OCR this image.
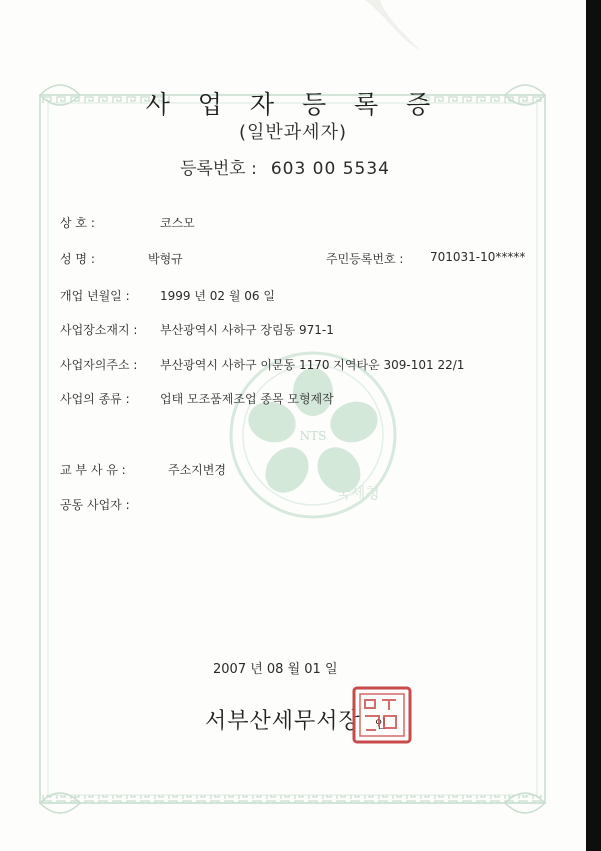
NTS
국세청
사 업 자 등 록 증
(일반과세자)
등록번호 : 603 00 5534
상 호 :	코스모
성 명 :	박형규	주민등록번호 : 701031-10*****
개업 년월일 :	1999 년 02 월 06 일
사업장소재지 : 부산광역시 사하구 장림동 971-1
사업자의주소 : 부산광역시 사하구 이문동 1170 지역타운 309-101 22/1
사업의 종류 :	업태 모조품제조업 종목 모형제작
교 부 사 유 :	주소지변경
공동 사업자 :
2007 년 08 월 01 일
서부산세무서장 인
